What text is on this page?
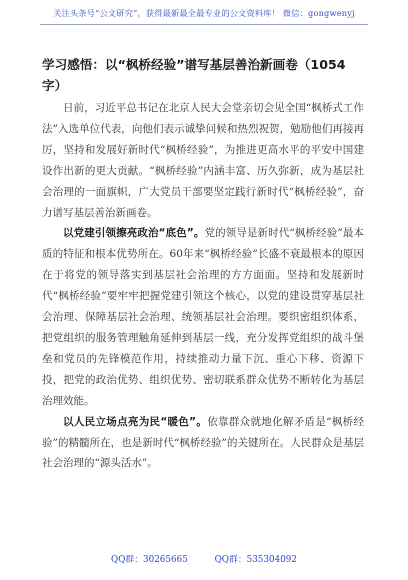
关注头条号“公文研究”，获得最新最全最专业的公文资料库！ 微信：gongwenyj
学习感悟：以“枫桥经验”谱写基层善治新画卷（1054字）

日前，习近平总书记在北京人民大会堂亲切会见全国“枫桥式工作法”入选单位代表，向他们表示诚挚问候和热烈祝贺，勉励他们再接再厉，坚持和发展好新时代“枫桥经验”，为推进更高水平的平安中国建设作出新的更大贡献。“枫桥经验”内涵丰富、历久弥新，成为基层社会治理的一面旗帜，广大党员干部要坚定践行新时代“枫桥经验”，奋力谱写基层善治新画卷。

以党建引领擦亮政治“底色”。党的领导是新时代“枫桥经验”最本质的特征和根本优势所在。60年来“枫桥经验”长盛不衰最根本的原因在于将党的领导落实到基层社会治理的方方面面。坚持和发展新时代“枫桥经验”要牢牢把握党建引领这个核心，以党的建设贯穿基层社会治理、保障基层社会治理、统领基层社会治理。要织密组织体系，把党组织的服务管理触角延伸到基层一线，充分发挥党组织的战斗堡垒和党员的先锋模范作用，持续推动力量下沉、重心下移、资源下投，把党的政治优势、组织优势、密切联系群众优势不断转化为基层治理效能。

以人民立场点亮为民“暖色”。依靠群众就地化解矛盾是“枫桥经验”的精髓所在，也是新时代“枫桥经验”的关键所在。人民群众是基层社会治理的“源头活水”。

QQ群：30265665	QQ群：535304092
